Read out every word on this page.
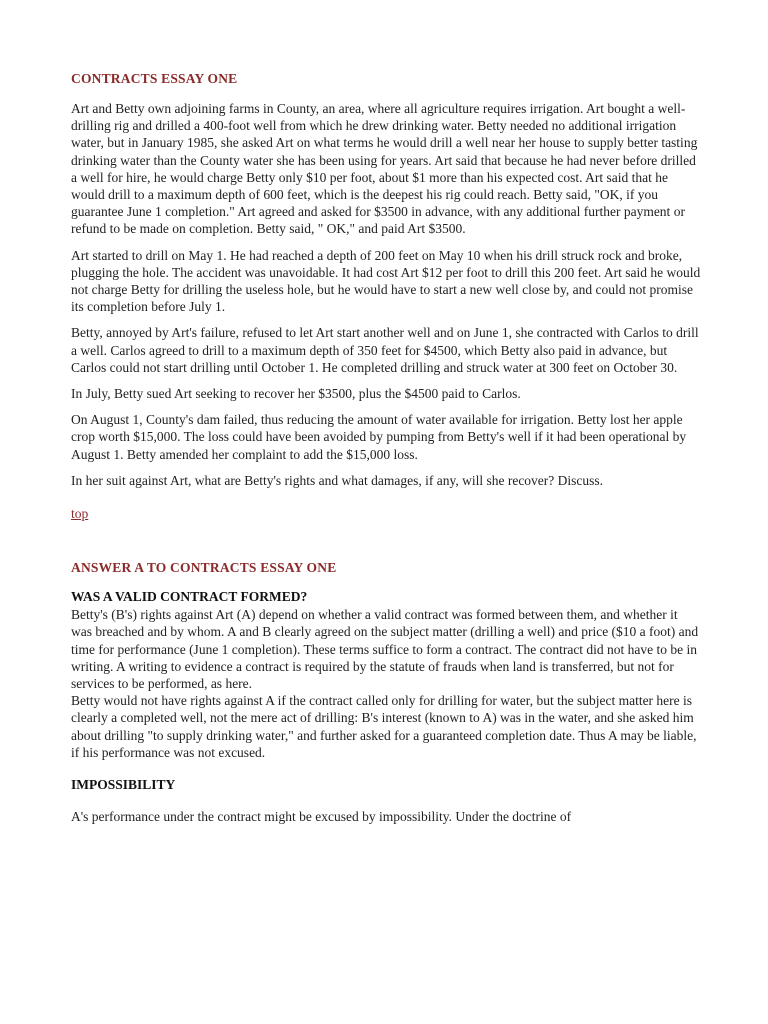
CONTRACTS ESSAY ONE

Art and Betty own adjoining farms in County, an area, where all agriculture requires irrigation. Art bought a well-drilling rig and drilled a 400-foot well from which he drew drinking water. Betty needed no additional irrigation water, but in January 1985, she asked Art on what terms he would drill a well near her house to supply better tasting drinking water than the County water she has been using for years. Art said that because he had never before drilled a well for hire, he would charge Betty only $10 per foot, about $1 more than his expected cost. Art said that he would drill to a maximum depth of 600 feet, which is the deepest his rig could reach. Betty said, "OK, if you guarantee June 1 completion." Art agreed and asked for $3500 in advance, with any additional further payment or refund to be made on completion. Betty said, " OK," and paid Art $3500.

Art started to drill on May 1. He had reached a depth of 200 feet on May 10 when his drill struck rock and broke, plugging the hole. The accident was unavoidable. It had cost Art $12 per foot to drill this 200 feet. Art said he would not charge Betty for drilling the useless hole, but he would have to start a new well close by, and could not promise its completion before July 1.

Betty, annoyed by Art's failure, refused to let Art start another well and on June 1, she contracted with Carlos to drill a well. Carlos agreed to drill to a maximum depth of 350 feet for $4500, which Betty also paid in advance, but Carlos could not start drilling until October 1. He completed drilling and struck water at 300 feet on October 30.

In July, Betty sued Art seeking to recover her $3500, plus the $4500 paid to Carlos.

On August 1, County's dam failed, thus reducing the amount of water available for irrigation. Betty lost her apple crop worth $15,000. The loss could have been avoided by pumping from Betty's well if it had been operational by August 1. Betty amended her complaint to add the $15,000 loss.

In her suit against Art, what are Betty's rights and what damages, if any, will she recover? Discuss.

top
ANSWER A TO CONTRACTS ESSAY ONE
WAS A VALID CONTRACT FORMED?

Betty's (B's) rights against Art (A) depend on whether a valid contract was formed between them, and whether it was breached and by whom. A and B clearly agreed on the subject matter (drilling a well) and price ($10 a foot) and time for performance (June 1 completion). These terms suffice to form a contract. The contract did not have to be in writing. A writing to evidence a contract is required by the statute of frauds when land is transferred, but not for services to be performed, as here.

Betty would not have rights against A if the contract called only for drilling for water, but the subject matter here is clearly a completed well, not the mere act of drilling: B's interest (known to A) was in the water, and she asked him about drilling "to supply drinking water," and further asked for a guaranteed completion date. Thus A may be liable, if his performance was not excused.

IMPOSSIBILITY

A's performance under the contract might be excused by impossibility. Under the doctrine of
